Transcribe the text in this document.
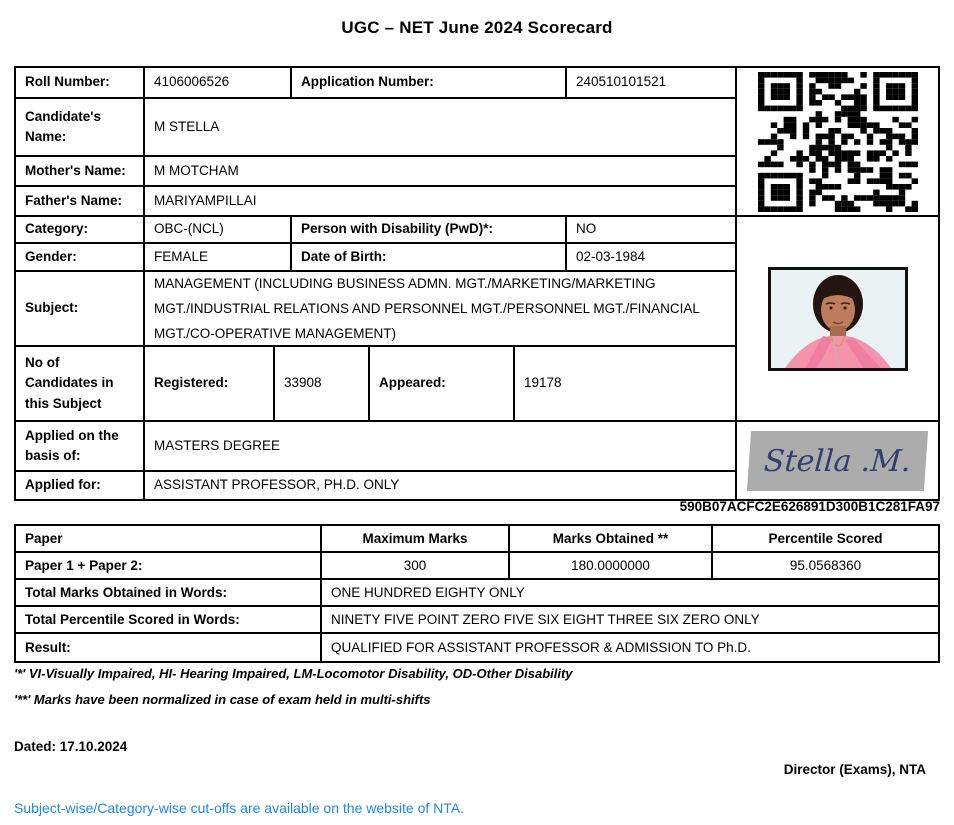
UGC – NET June 2024 Scorecard
Roll Number:	4106006526	Application Number:	240510101521
Candidate's Name:
M STELLA
Mother's Name:	M MOTCHAM
Father's Name:	MARIYAMPILLAI
Category:	OBC-(NCL)	Person with Disability (PwD)*:	NO
Gender:	FEMALE	Date of Birth:	02-03-1984
Subject:
MANAGEMENT (INCLUDING BUSINESS ADMN. MGT./MARKETING/MARKETING MGT./INDUSTRIAL RELATIONS AND PERSONNEL MGT./PERSONNEL MGT./FINANCIAL MGT./CO-OPERATIVE MANAGEMENT)
No of Candidates in this Subject
Registered:	33908	Appeared:	19178
Applied on the basis of:
MASTERS DEGREE
Applied for:	ASSISTANT PROFESSOR, PH.D. ONLY
Stella .M.
590B07ACFC2E626891D300B1C281FA97
Paper	Maximum Marks	Marks Obtained **	Percentile Scored
Paper 1 + Paper 2:	300	180.0000000	95.0568360
Total Marks Obtained in Words:	ONE HUNDRED EIGHTY ONLY
Total Percentile Scored in Words:	NINETY FIVE POINT ZERO FIVE SIX EIGHT THREE SIX ZERO ONLY
Result:	QUALIFIED FOR ASSISTANT PROFESSOR & ADMISSION TO Ph.D.
'*' VI-Visually Impaired, HI- Hearing Impaired, LM-Locomotor Disability, OD-Other Disability
'**' Marks have been normalized in case of exam held in multi-shifts
Dated: 17.10.2024
Director (Exams), NTA
Subject-wise/Category-wise cut-offs are available on the website of NTA.
